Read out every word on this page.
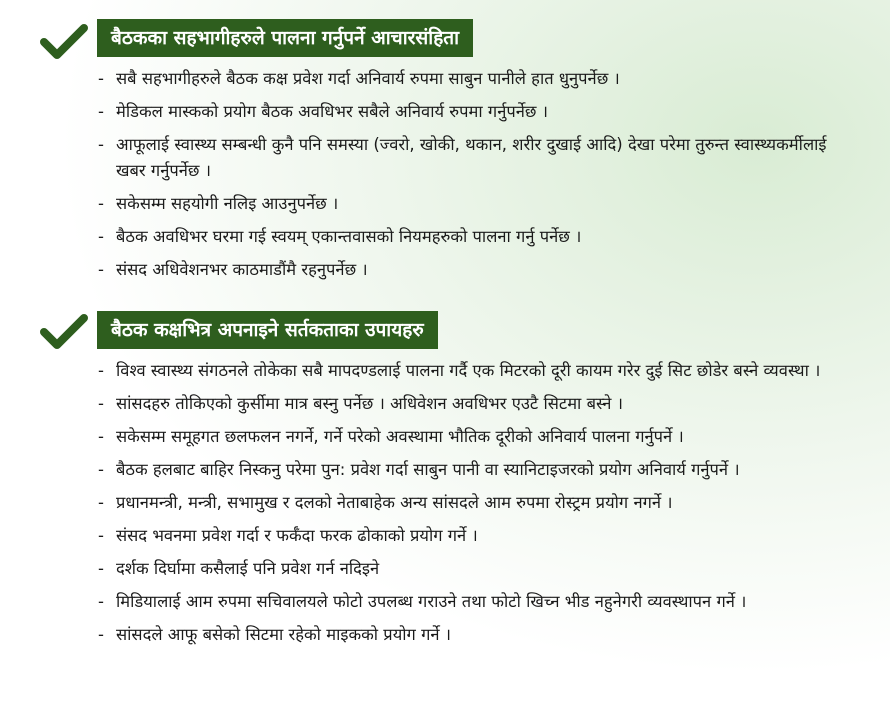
बैठकका सहभागीहरुले पालना गर्नुपर्ने आचारसंहिता
- सबै सहभागीहरुले बैठक कक्ष प्रवेश गर्दा अनिवार्य रुपमा साबुन पानीले हात धुनुपर्नेछ ।
- मेडिकल मास्कको प्रयोग बैठक अवधिभर सबैले अनिवार्य रुपमा गर्नुपर्नेछ ।
- आफूलाई स्वास्थ्य सम्बन्धी कुनै पनि समस्या (ज्वरो, खोकी, थकान, शरीर दुखाई आदि) देखा परेमा तुरुन्त स्वास्थ्यकर्मीलाई खबर गर्नुपर्नेछ ।
- सकेसम्म सहयोगी नलिइ आउनुपर्नेछ ।
- बैठक अवधिभर घरमा गई स्वयम् एकान्तवासको नियमहरुको पालना गर्नु पर्नेछ ।
- संसद अधिवेशनभर काठमाडौंमै रहनुपर्नेछ ।
बैठक कक्षभित्र अपनाइने सर्तकताका उपायहरु
- विश्व स्वास्थ्य संगठनले तोकेका सबै मापदण्डलाई पालना गर्दै एक मिटरको दूरी कायम गरेर दुई सिट छोडेर बस्ने व्यवस्था ।
- सांसदहरु तोकिएको कुर्सीमा मात्र बस्नु पर्नेछ । अधिवेशन अवधिभर एउटै सिटमा बस्ने ।
- सकेसम्म समूहगत छलफलन नगर्ने, गर्ने परेको अवस्थामा भौतिक दूरीको अनिवार्य पालना गर्नुपर्ने ।
- बैठक हलबाट बाहिर निस्कनु परेमा पुन: प्रवेश गर्दा साबुन पानी वा स्यानिटाइजरको प्रयोग अनिवार्य गर्नुपर्ने ।
- प्रधानमन्त्री, मन्त्री, सभामुख र दलको नेताबाहेक अन्य सांसदले आम रुपमा रोस्ट्रम प्रयोग नगर्ने ।
- संसद भवनमा प्रवेश गर्दा र फर्कँदा फरक ढोकाको प्रयोग गर्ने ।
- दर्शक दिर्घामा कसैलाई पनि प्रवेश गर्न नदिइने
- मिडियालाई आम रुपमा सचिवालयले फोटो उपलब्ध गराउने तथा फोटो खिच्न भीड नहुनेगरी व्यवस्थापन गर्ने ।
- सांसदले आफू बसेको सिटमा रहेको माइकको प्रयोग गर्ने ।
